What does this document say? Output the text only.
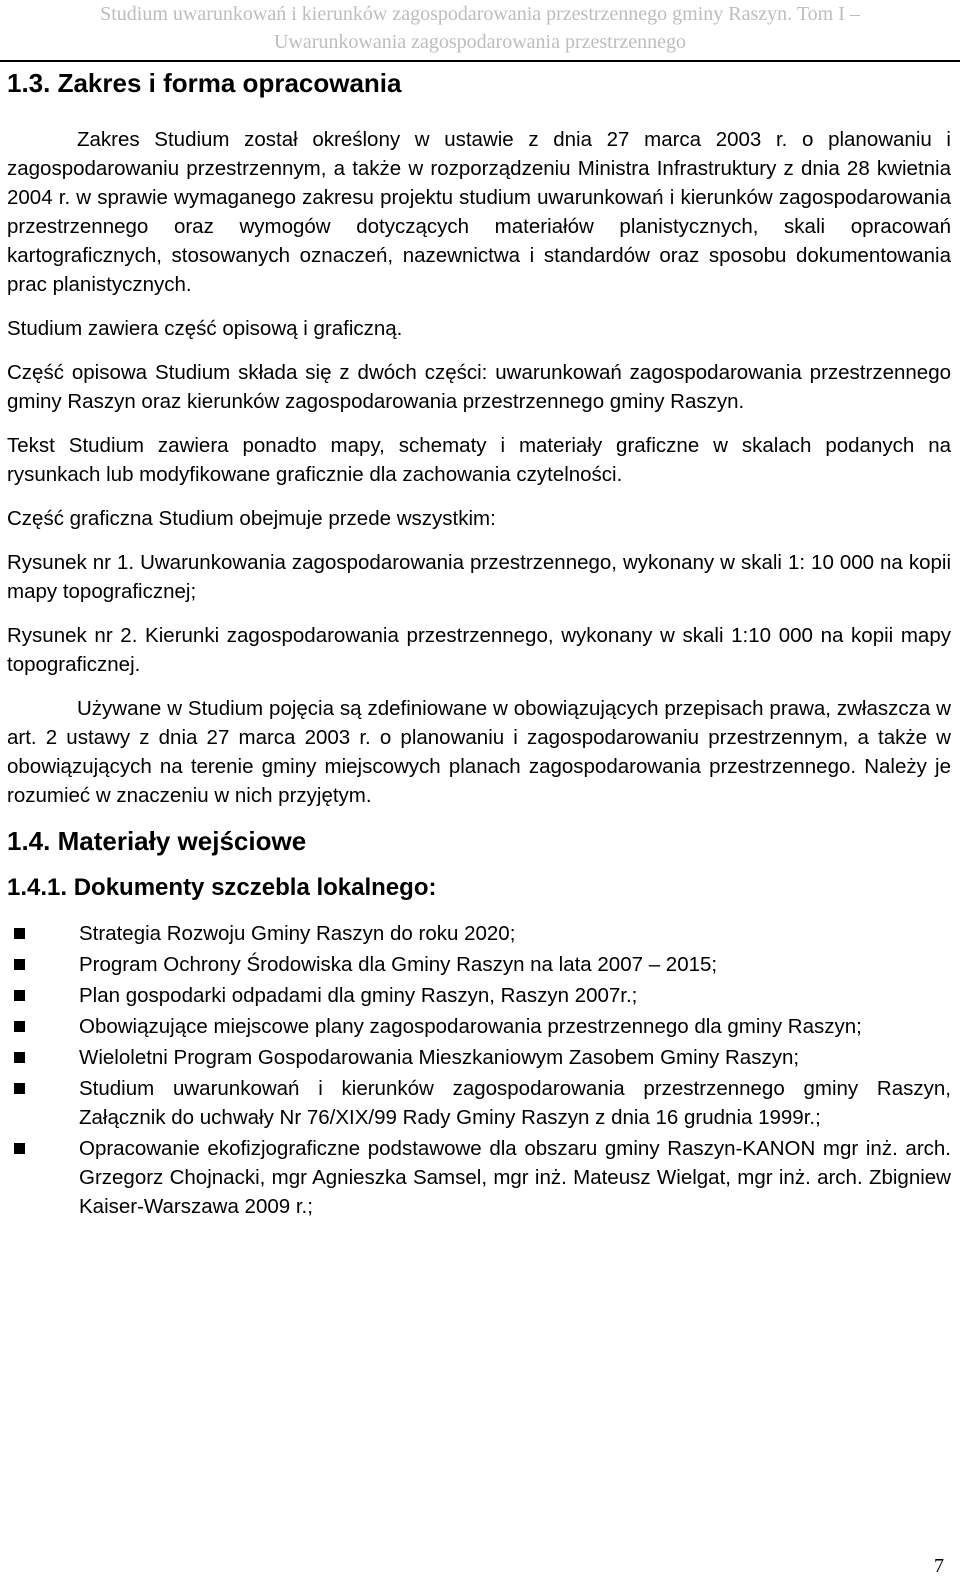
Studium uwarunkowań i kierunków zagospodarowania przestrzennego gminy Raszyn. Tom I –
Uwarunkowania zagospodarowania przestrzennego
1.3. Zakres i forma opracowania

Zakres Studium został określony w ustawie z dnia 27 marca 2003 r. o planowaniu i zagospodarowaniu przestrzennym, a także w rozporządzeniu Ministra Infrastruktury z dnia 28 kwietnia 2004 r. w sprawie wymaganego zakresu projektu studium uwarunkowań i kierunków zagospodarowania przestrzennego oraz wymogów dotyczących materiałów planistycznych, skali opracowań kartograficznych, stosowanych oznaczeń, nazewnictwa i standardów oraz sposobu dokumentowania prac planistycznych.

Studium zawiera część opisową i graficzną.

Część opisowa Studium składa się z dwóch części: uwarunkowań zagospodarowania przestrzennego gminy Raszyn oraz kierunków zagospodarowania przestrzennego gminy Raszyn.

Tekst Studium zawiera ponadto mapy, schematy i materiały graficzne w skalach podanych na rysunkach lub modyfikowane graficznie dla zachowania czytelności.

Część graficzna Studium obejmuje przede wszystkim:

Rysunek nr 1. Uwarunkowania zagospodarowania przestrzennego, wykonany w skali 1: 10 000 na kopii mapy topograficznej;

Rysunek nr 2. Kierunki zagospodarowania przestrzennego, wykonany w skali 1:10 000 na kopii mapy topograficznej.

Używane w Studium pojęcia są zdefiniowane w obowiązujących przepisach prawa, zwłaszcza w art. 2 ustawy z dnia 27 marca 2003 r. o planowaniu i zagospodarowaniu przestrzennym, a także w obowiązujących na terenie gminy miejscowych planach zagospodarowania przestrzennego. Należy je rozumieć w znaczeniu w nich przyjętym.

1.4. Materiały wejściowe
1.4.1. Dokumenty szczebla lokalnego:
Strategia Rozwoju Gminy Raszyn do roku 2020;
Program Ochrony Środowiska dla Gminy Raszyn na lata 2007 – 2015;
Plan gospodarki odpadami dla gminy Raszyn, Raszyn 2007r.;
Obowiązujące miejscowe plany zagospodarowania przestrzennego dla gminy Raszyn;
Wieloletni Program Gospodarowania Mieszkaniowym Zasobem Gminy Raszyn;
Studium uwarunkowań i kierunków zagospodarowania przestrzennego gminy Raszyn, Załącznik do uchwały Nr 76/XIX/99 Rady Gminy Raszyn z dnia 16 grudnia 1999r.;
Opracowanie ekofizjograficzne podstawowe dla obszaru gminy Raszyn-KANON mgr inż. arch. Grzegorz Chojnacki, mgr Agnieszka Samsel, mgr inż. Mateusz Wielgat, mgr inż. arch. Zbigniew Kaiser-Warszawa 2009 r.;
7
